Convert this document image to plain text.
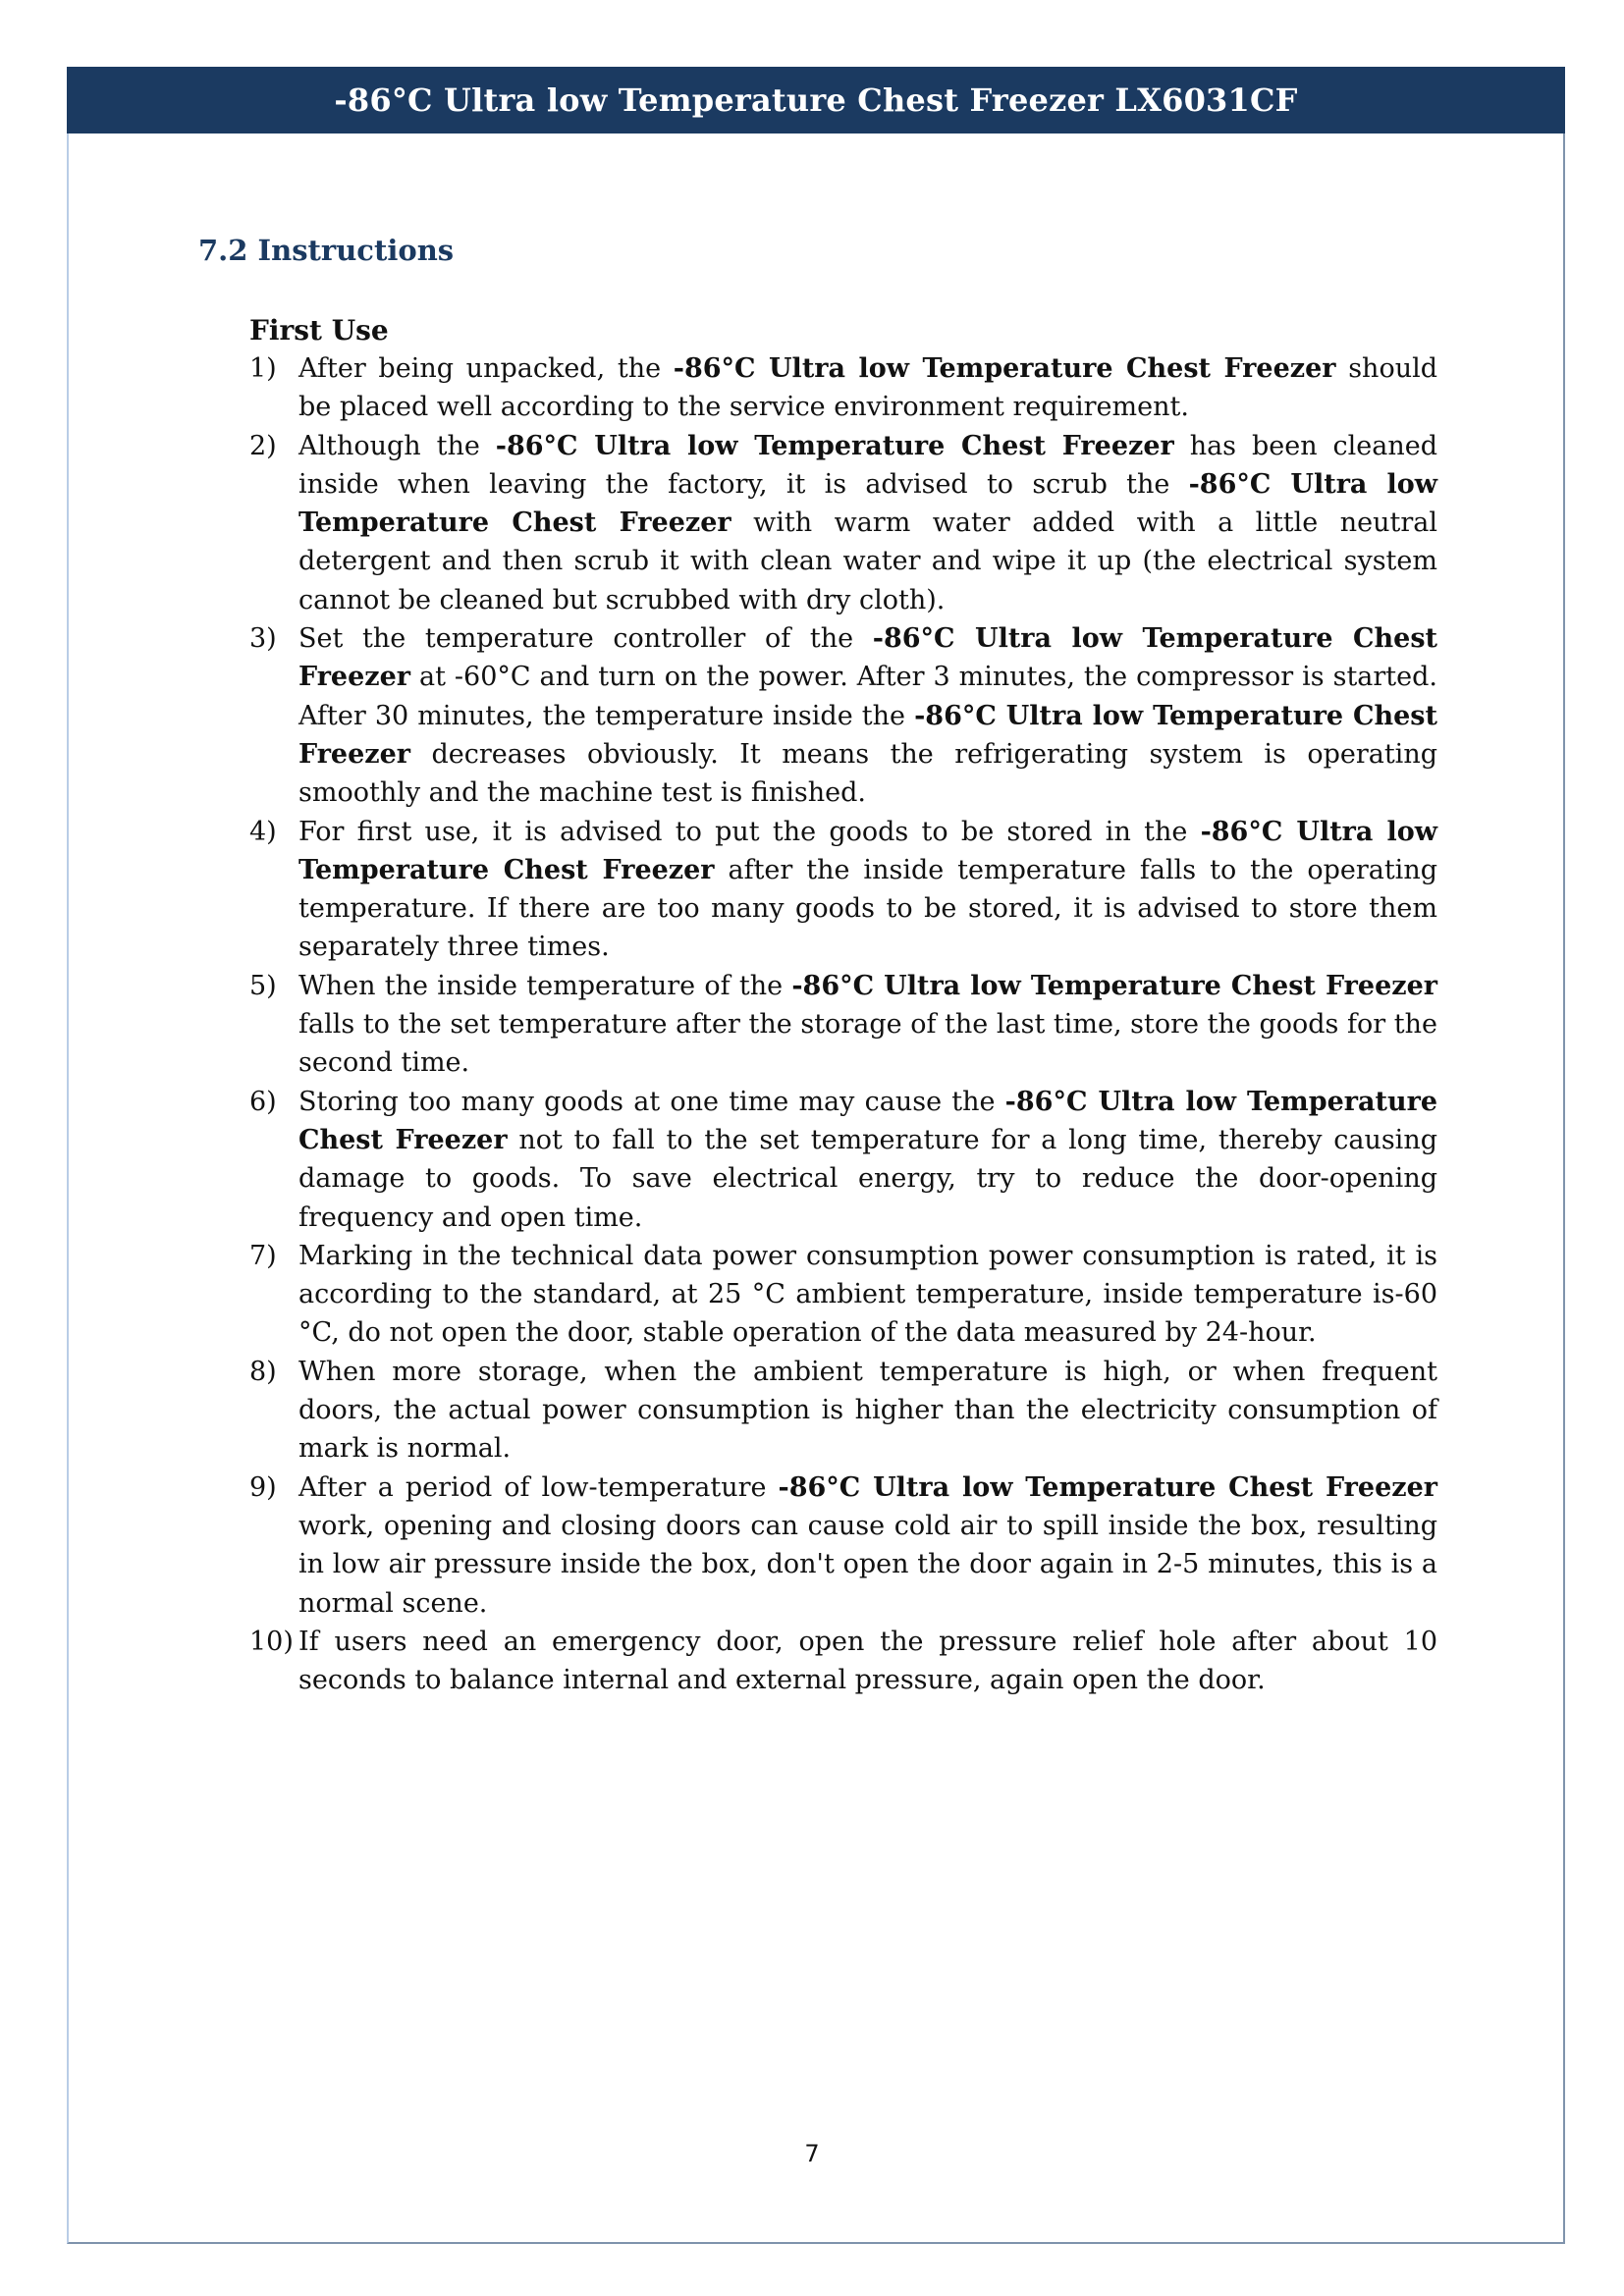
-86°C Ultra low Temperature Chest Freezer LX6031CF
7.2 Instructions
First Use
1) After being unpacked, the -86°C Ultra low Temperature Chest Freezer should be placed well according to the service environment requirement.
2) Although the -86°C Ultra low Temperature Chest Freezer has been cleaned inside when leaving the factory, it is advised to scrub the -86°C Ultra low Temperature Chest Freezer with warm water added with a little neutral detergent and then scrub it with clean water and wipe it up (the electrical system cannot be cleaned but scrubbed with dry cloth).
3) Set the temperature controller of the -86°C Ultra low Temperature Chest Freezer at -60°C and turn on the power. After 3 minutes, the compressor is started. After 30 minutes, the temperature inside the -86°C Ultra low Temperature Chest Freezer decreases obviously. It means the refrigerating system is operating smoothly and the machine test is finished.
4) For first use, it is advised to put the goods to be stored in the -86°C Ultra low Temperature Chest Freezer after the inside temperature falls to the operating temperature. If there are too many goods to be stored, it is advised to store them separately three times.
5) When the inside temperature of the -86°C Ultra low Temperature Chest Freezer falls to the set temperature after the storage of the last time, store the goods for the second time.
6) Storing too many goods at one time may cause the -86°C Ultra low Temperature Chest Freezer not to fall to the set temperature for a long time, thereby causing damage to goods. To save electrical energy, try to reduce the door-opening frequency and open time.
7) Marking in the technical data power consumption power consumption is rated, it is according to the standard, at 25 °C ambient temperature, inside temperature is-60 °C, do not open the door, stable operation of the data measured by 24-hour.
8) When more storage, when the ambient temperature is high, or when frequent doors, the actual power consumption is higher than the electricity consumption of mark is normal.
9) After a period of low-temperature -86°C Ultra low Temperature Chest Freezer work, opening and closing doors can cause cold air to spill inside the box, resulting in low air pressure inside the box, don't open the door again in 2-5 minutes, this is a normal scene.
10) If users need an emergency door, open the pressure relief hole after about 10 seconds to balance internal and external pressure, again open the door.
7
